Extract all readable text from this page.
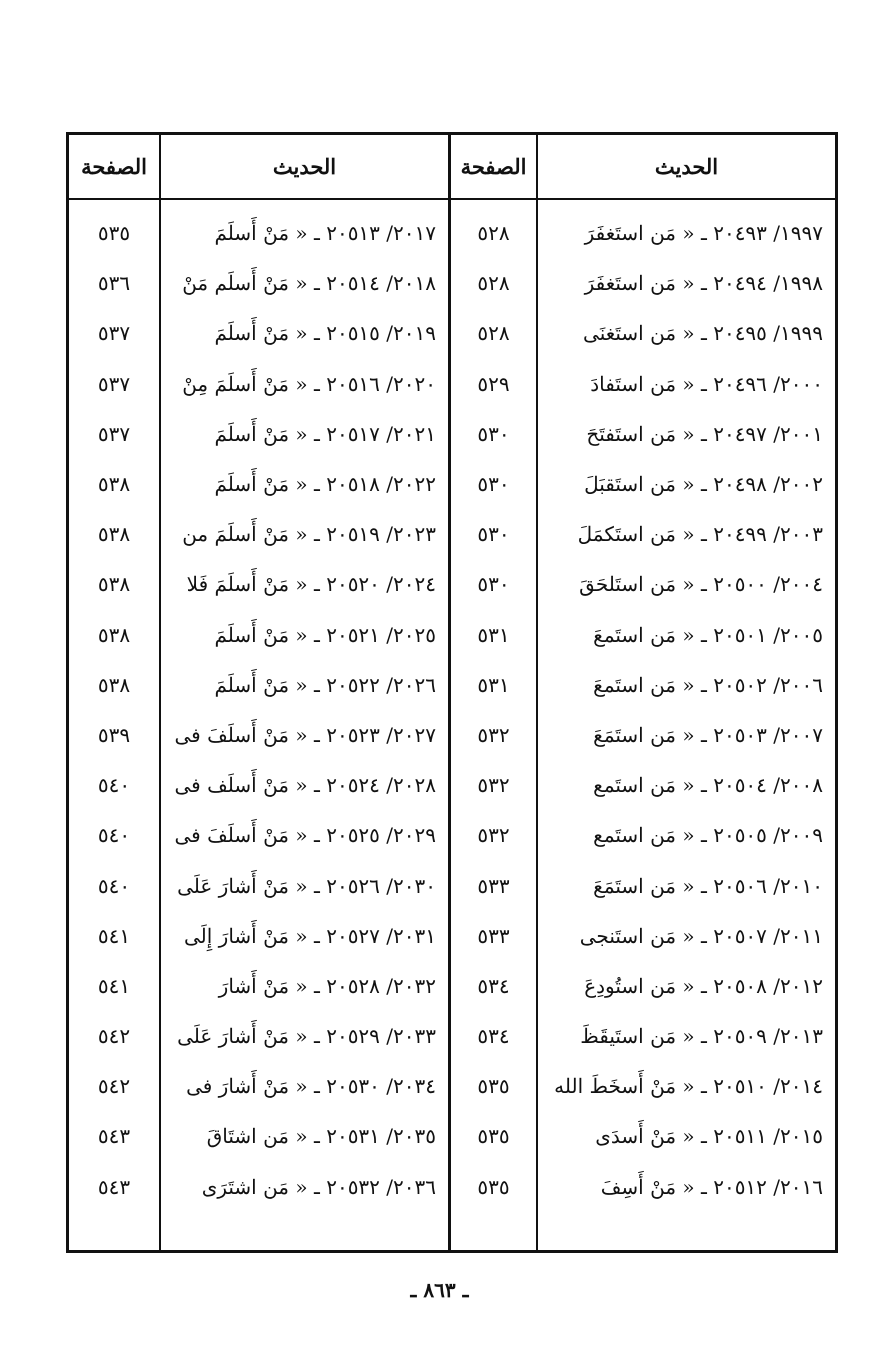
الصفحة
٥٣٥
٥٣٦
٥٣٧
٥٣٧
٥٣٧
٥٣٨
٥٣٨
٥٣٨
٥٣٨
٥٣٨
٥٣٩
٥٤٠
٥٤٠
٥٤٠
٥٤١
٥٤١
٥٤٢
٥٤٢
٥٤٣
٥٤٣
الحديث
٢٠١٧/ ٢٠٥١٣ ـ « مَنْ أَسلَمَ
٢٠١٨/ ٢٠٥١٤ ـ « مَنْ أَسلَم مَنْ
٢٠١٩/ ٢٠٥١٥ ـ « مَنْ أَسلَمَ
٢٠٢٠/ ٢٠٥١٦ ـ « مَنْ أَسلَمَ مِنْ
٢٠٢١/ ٢٠٥١٧ ـ « مَنْ أَسلَمَ
٢٠٢٢/ ٢٠٥١٨ ـ « مَنْ أَسلَمَ
٢٠٢٣/ ٢٠٥١٩ ـ « مَنْ أَسلَمَ من
٢٠٢٤/ ٢٠٥٢٠ ـ « مَنْ أَسلَمَ فَلا
٢٠٢٥/ ٢٠٥٢١ ـ « مَنْ أَسلَمَ
٢٠٢٦/ ٢٠٥٢٢ ـ « مَنْ أَسلَمَ
٢٠٢٧/ ٢٠٥٢٣ ـ « مَنْ أَسلَفَ فى
٢٠٢٨/ ٢٠٥٢٤ ـ « مَنْ أَسلَف فى
٢٠٢٩/ ٢٠٥٢٥ ـ « مَنْ أَسلَفَ فى
٢٠٣٠/ ٢٠٥٢٦ ـ « مَنْ أَشارَ عَلَى
٢٠٣١/ ٢٠٥٢٧ ـ « مَنْ أَشارَ إِلَى
٢٠٣٢/ ٢٠٥٢٨ ـ « مَنْ أَشارَ
٢٠٣٣/ ٢٠٥٢٩ ـ « مَنْ أَشارَ عَلَى
٢٠٣٤/ ٢٠٥٣٠ ـ « مَنْ أَشارَ فى
٢٠٣٥/ ٢٠٥٣١ ـ « مَن اشتَاقَ
٢٠٣٦/ ٢٠٥٣٢ ـ « مَن اشتَرَى
الصفحة
٥٢٨
٥٢٨
٥٢٨
٥٢٩
٥٣٠
٥٣٠
٥٣٠
٥٣٠
٥٣١
٥٣١
٥٣٢
٥٣٢
٥٣٢
٥٣٣
٥٣٣
٥٣٤
٥٣٤
٥٣٥
٥٣٥
٥٣٥
الحديث
١٩٩٧/ ٢٠٤٩٣ ـ « مَن استَغفَرَ
١٩٩٨/ ٢٠٤٩٤ ـ « مَن استَغفَرَ
١٩٩٩/ ٢٠٤٩٥ ـ « مَن استَغنَى
٢٠٠٠/ ٢٠٤٩٦ ـ « مَن استَفادَ
٢٠٠١/ ٢٠٤٩٧ ـ « مَن استَفتَحَ
٢٠٠٢/ ٢٠٤٩٨ ـ « مَن استَقبَلَ
٢٠٠٣/ ٢٠٤٩٩ ـ « مَن استَكمَلَ
٢٠٠٤/ ٢٠٥٠٠ ـ « مَن استَلحَقَ
٢٠٠٥/ ٢٠٥٠١ ـ « مَن استَمعَ
٢٠٠٦/ ٢٠٥٠٢ ـ « مَن استَمعَ
٢٠٠٧/ ٢٠٥٠٣ ـ « مَن استَمَعَ
٢٠٠٨/ ٢٠٥٠٤ ـ « مَن استَمع
٢٠٠٩/ ٢٠٥٠٥ ـ « مَن استَمع
٢٠١٠/ ٢٠٥٠٦ ـ « مَن استَمَعَ
٢٠١١/ ٢٠٥٠٧ ـ « مَن استَنجى
٢٠١٢/ ٢٠٥٠٨ ـ « مَن استُودِعَ
٢٠١٣/ ٢٠٥٠٩ ـ « مَن استَيقَظَ
٢٠١٤/ ٢٠٥١٠ ـ « مَنْ أَسخَطَ الله
٢٠١٥/ ٢٠٥١١ ـ « مَنْ أَسدَى
٢٠١٦/ ٢٠٥١٢ ـ « مَنْ أَسِفَ
ـ ٨٦٣ ـ
